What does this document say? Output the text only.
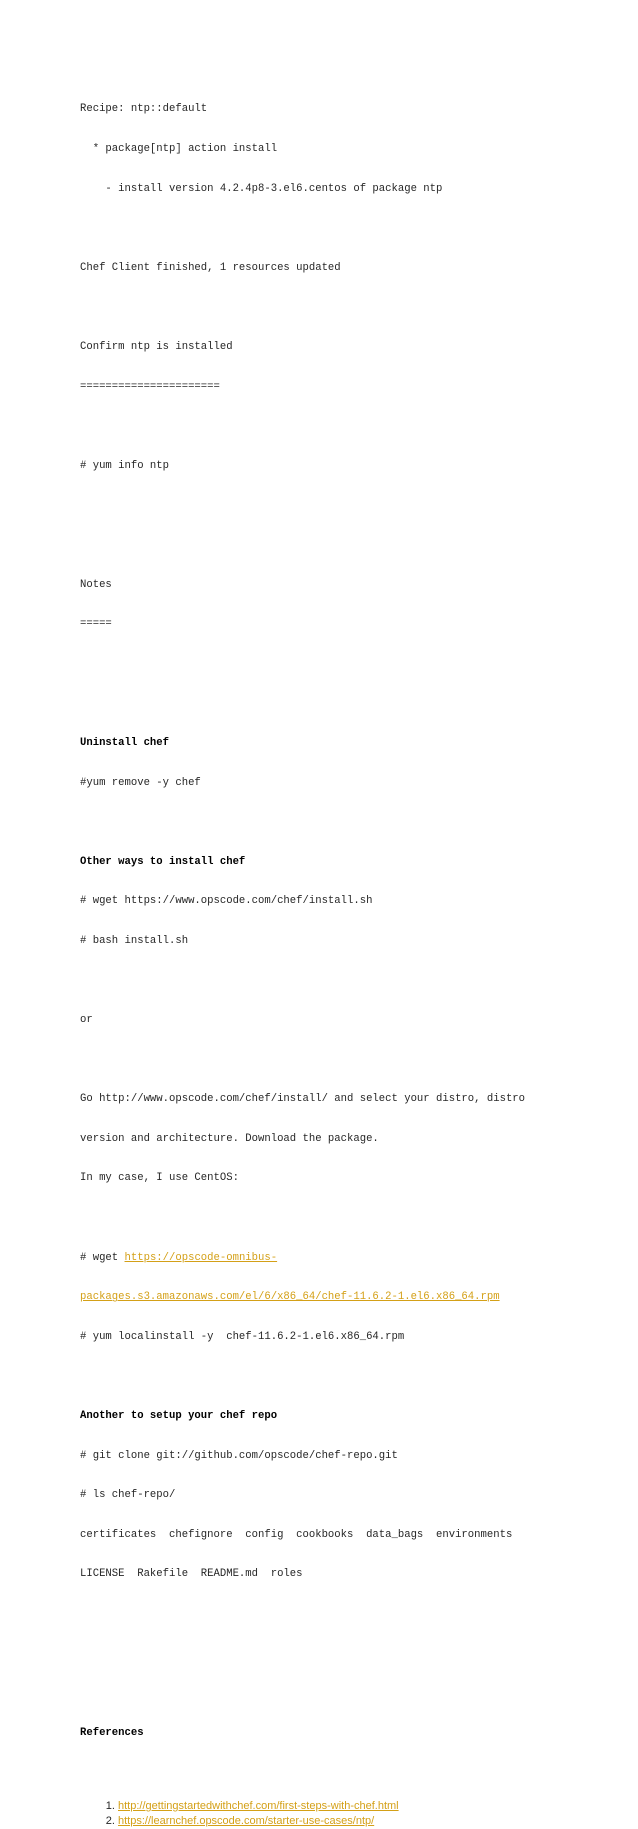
Recipe: ntp::default

* package[ntp] action install

- install version 4.2.4p8-3.el6.centos of package ntp

Chef Client finished, 1 resources updated

Confirm ntp is installed

======================

# yum info ntp

Notes

=====

Uninstall chef

#yum remove -y chef

Other ways to install chef

# wget https://www.opscode.com/chef/install.sh

# bash install.sh

or

Go http://www.opscode.com/chef/install/ and select your distro, distro

version and architecture. Download the package.

In my case, I use CentOS:

# wget https://opscode-omnibus-

packages.s3.amazonaws.com/el/6/x86_64/chef-11.6.2-1.el6.x86_64.rpm

# yum localinstall -y  chef-11.6.2-1.el6.x86_64.rpm

Another to setup your chef repo

# git clone git://github.com/opscode/chef-repo.git

# ls chef-repo/

certificates  chefignore  config  cookbooks  data_bags  environments

LICENSE  Rakefile  README.md  roles

References

1. http://gettingstartedwithchef.com/first-steps-with-chef.html
2. https://learnchef.opscode.com/starter-use-cases/ntp/
